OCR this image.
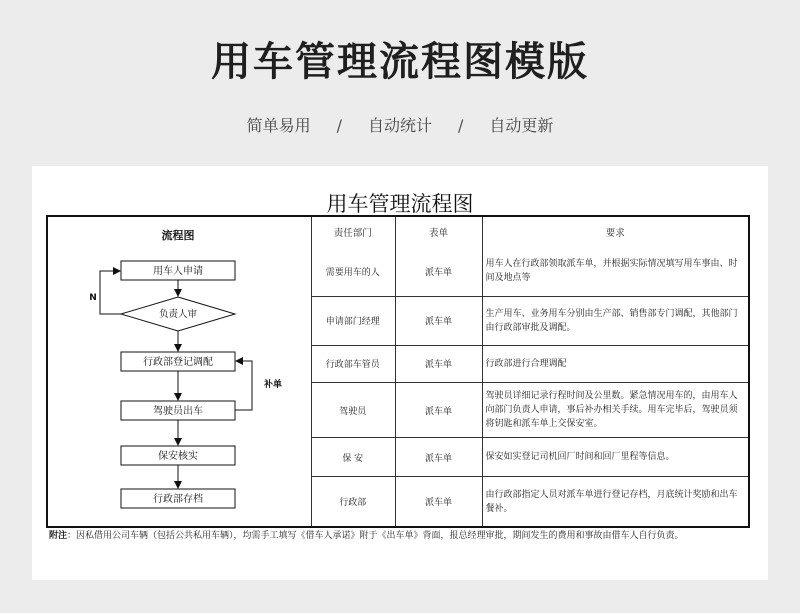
用车管理流程图模版
简单易用 / 自动统计 / 自动更新
用车管理流程图
流程图
用车人申请
负责人审
行政部登记调配
驾驶员出车
保安核实
行政部存档
N
补单
责任部门	表单	要求
需要用车的人	派车单	用车人在行政部领取派车单，并根据实际情况填写用车事由、时间及地点等
申请部门经理	派车单	生产用车、业务用车分别由生产部、销售部专门调配，其他部门由行政部审批及调配。
行政部车管员	派车单	行政部进行合理调配
驾驶员	派车单	驾驶员详细记录行程时间及公里数。紧急情况用车的，由用车人向部门负责人申请，事后补办相关手续。用车完毕后，驾驶员须将钥匙和派车单上交保安室。
保 安	派车单	保安如实登记司机回厂时间和回厂里程等信息。
行政部	派车单	由行政部指定人员对派车单进行登记存档，月底统计奖励和出车餐补。
附注：因私借用公司车辆（包括公共私用车辆），均需手工填写《借车人承诺》附于《出车单》背面，报总经理审批，期间发生的费用和事故由借车人自行负责。
